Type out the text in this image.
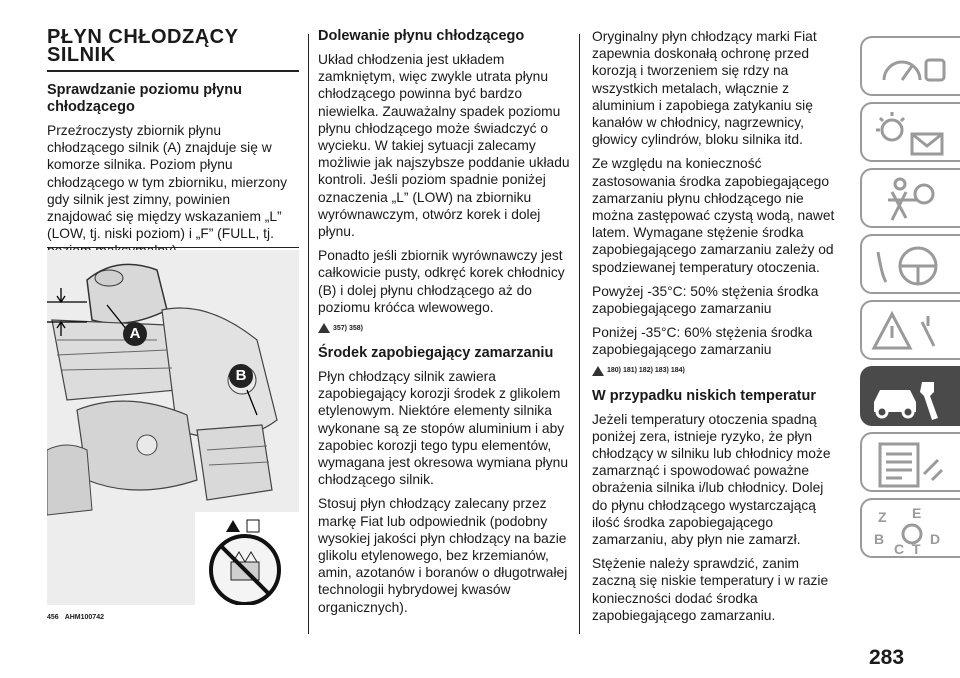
PŁYN CHŁODZĄCY
SILNIK
Sprawdzanie poziomu płynu chłodzącego

Przeźroczysty zbiornik płynu chłodzącego silnik (A) znajduje się w komorze silnika. Poziom płynu chłodzącego w tym zbiorniku, mierzony gdy silnik jest zimny, powinien znajdować się między wskazaniem „L” (LOW, tj. niski poziom) i „F” (FULL, tj.

A
B
456 AHM100742
Dolewanie płynu chłodzącego

Układ chłodzenia jest układem zamkniętym, więc zwykle utrata płynu chłodzącego powinna być bardzo niewielka. Zauważalny spadek poziomu płynu chłodzącego może świadczyć o wycieku. W takiej sytuacji zalecamy możliwie jak najszybsze poddanie układu kontroli. Jeśli poziom spadnie poniżej oznaczenia „L” (LOW) na zbiorniku wyrównawczym, otwórz korek i dolej płynu.

Ponadto jeśli zbiornik wyrównawczy jest całkowicie pusty, odkręć korek chłodnicy (B) i dolej płynu chłodzącego aż do poziomu króćca wlewowego.

357) 358)
Środek zapobiegający zamarzaniu

Płyn chłodzący silnik zawiera zapobiegający korozji środek z glikolem etylenowym. Niektóre elementy silnika wykonane są ze stopów aluminium i aby zapobiec korozji tego typu elementów, wymagana jest okresowa wymiana płynu chłodzącego silnik.

Stosuj płyn chłodzący zalecany przez markę Fiat lub odpowiednik (podobny wysokiej jakości płyn chłodzący na bazie glikolu etylenowego, bez krzemianów, amin, azotanów i boranów o długotrwałej technologii hybrydowej kwasów organicznych).

Oryginalny płyn chłodzący marki Fiat zapewnia doskonałą ochronę przed korozją i tworzeniem się rdzy na wszystkich metalach, włącznie z aluminium i zapobiega zatykaniu się kanałów w chłodnicy, nagrzewnicy, głowicy cylindrów, bloku silnika itd.

Ze względu na konieczność zastosowania środka zapobiegającego zamarzaniu płynu chłodzącego nie można zastępować czystą wodą, nawet latem. Wymagane stężenie środka zapobiegającego zamarzaniu zależy od spodziewanej temperatury otoczenia.

Powyżej -35°C: 50% stężenia środka zapobiegającego zamarzaniu

Poniżej -35°C: 60% stężenia środka zapobiegającego zamarzaniu

180) 181) 182) 183) 184)
W przypadku niskich temperatur

Jeżeli temperatury otoczenia spadną poniżej zera, istnieje ryzyko, że płyn chłodzący w silniku lub chłodnicy może zamarznąć i spowodować poważne obrażenia silnika i/lub chłodnicy. Dolej do płynu chłodzącego wystarczającą ilość środka zapobiegającego zamarzaniu, aby płyn nie zamarzł.

Stężenie należy sprawdzić, zanim zaczną się niskie temperatury i w razie konieczności dodać środka zapobiegającego zamarzaniu.

Z E
B
C T
D
283
